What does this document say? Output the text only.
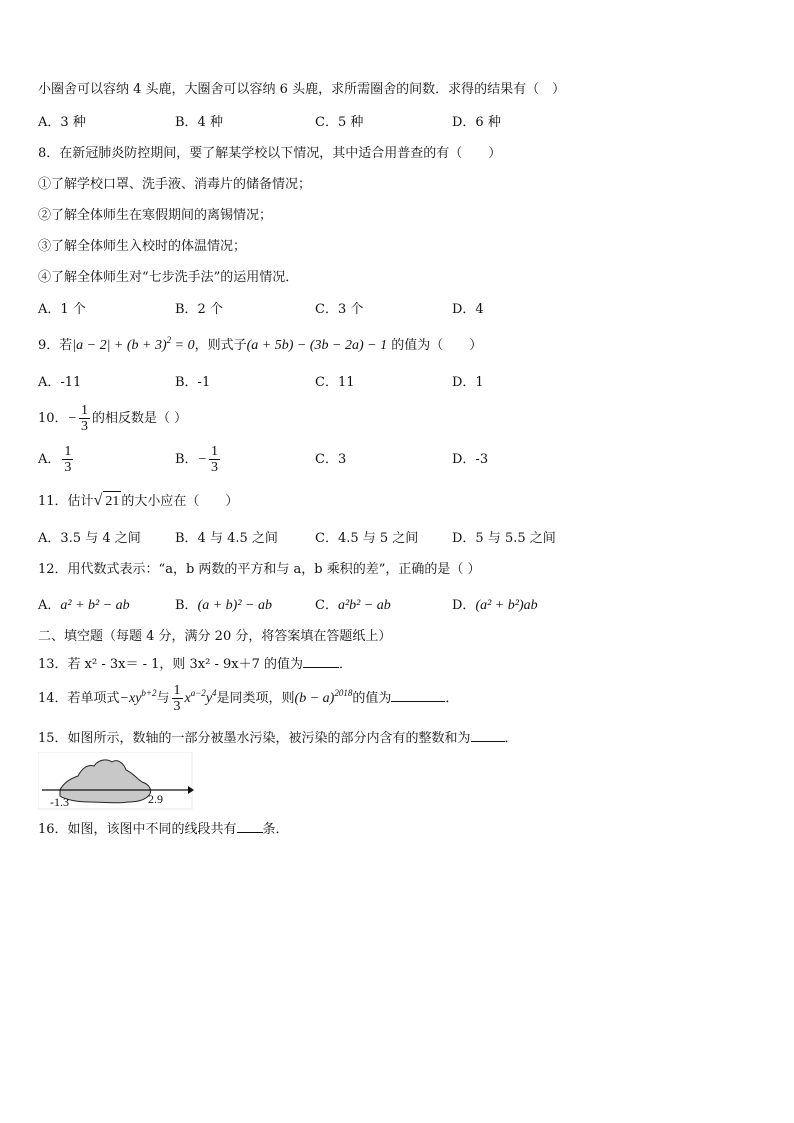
小圈舍可以容纳 4 头鹿，大圈舍可以容纳 6 头鹿，求所需圈舍的间数．求得的结果有（　）
A．3 种	B．4 种	C．5 种	D．6 种
8．在新冠肺炎防控期间，要了解某学校以下情况，其中适合用普查的有（　　）
①了解学校口罩、洗手液、消毒片的储备情况；
②了解全体师生在寒假期间的离锡情况；
③了解全体师生入校时的体温情况；
④了解全体师生对“七步洗手法”的运用情况．
A．1 个	B．2 个	C．3 个	D．4
9．若$|a - 2| + (b + 3)^2 = 0$，则式子(a + 5b) − (3b − 2a) − 1 的值为（　　）
A．-11	B．-1	C．11	D．1
10．− $\frac{1}{3}$ 的相反数是（ ）
A． $\frac{1}{3}$	B．− $\frac{1}{3}$	C．3	D．-3
11．估计√ 21 的大小应在（　　）
A．3.5 与 4 之间	B．4 与 4.5 之间	C．4.5 与 5 之间	D．5 与 5.5 之间
12．用代数式表示：“a，b 两数的平方和与 a，b 乘积的差”，正确的是（ ）
A．a² + b² − ab	B．(a + b)² − ab	C．a²b² − ab	D．(a² + b²)ab
二、填空题（每题 4 分，满分 20 分，将答案填在答题纸上）
13．若 x² - 3x＝ - 1，则 3x² - 9x＋7 的值为	．
14．若单项式$-xy^{b+2}$与 $\frac{1}{3} x^{a-2}y^4$是同类项，则$(b - a)^{2018}$的值为	．
15．如图所示，数轴的一部分被墨水污染，被污染的部分内含有的整数和为	．
-1.3	2.9
16．如图，该图中不同的线段共有 条．
